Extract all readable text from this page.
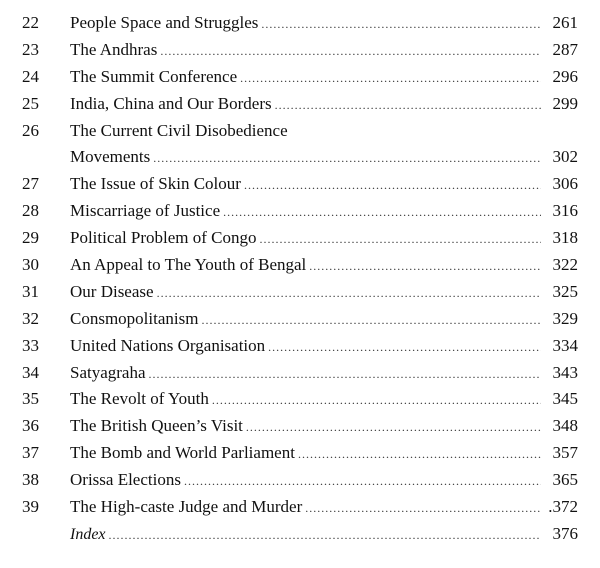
22	People Space and Struggles .....	261
23	The Andhras .....	287
24	The Summit Conference .....	296
25	India, China and Our Borders .....	299
26	The Current Civil Disobedience
Movements .....	302
27	The Issue of Skin Colour .....	306
28	Miscarriage of Justice .....	316
29	Political Problem of Congo .....	318
30	An Appeal to The Youth of Bengal .....	322
31	Our Disease .....	325
32	Consmopolitanism .....	329
33	United Nations Organisation .....	334
34	Satyagraha .....	343
35	The Revolt of Youth .....	345
36	The British Queen’s Visit .....	348
37	The Bomb and World Parliament .....	357
38	Orissa Elections .....	365
39	The High-caste Judge and Murder .....	.372
Index .....	376
